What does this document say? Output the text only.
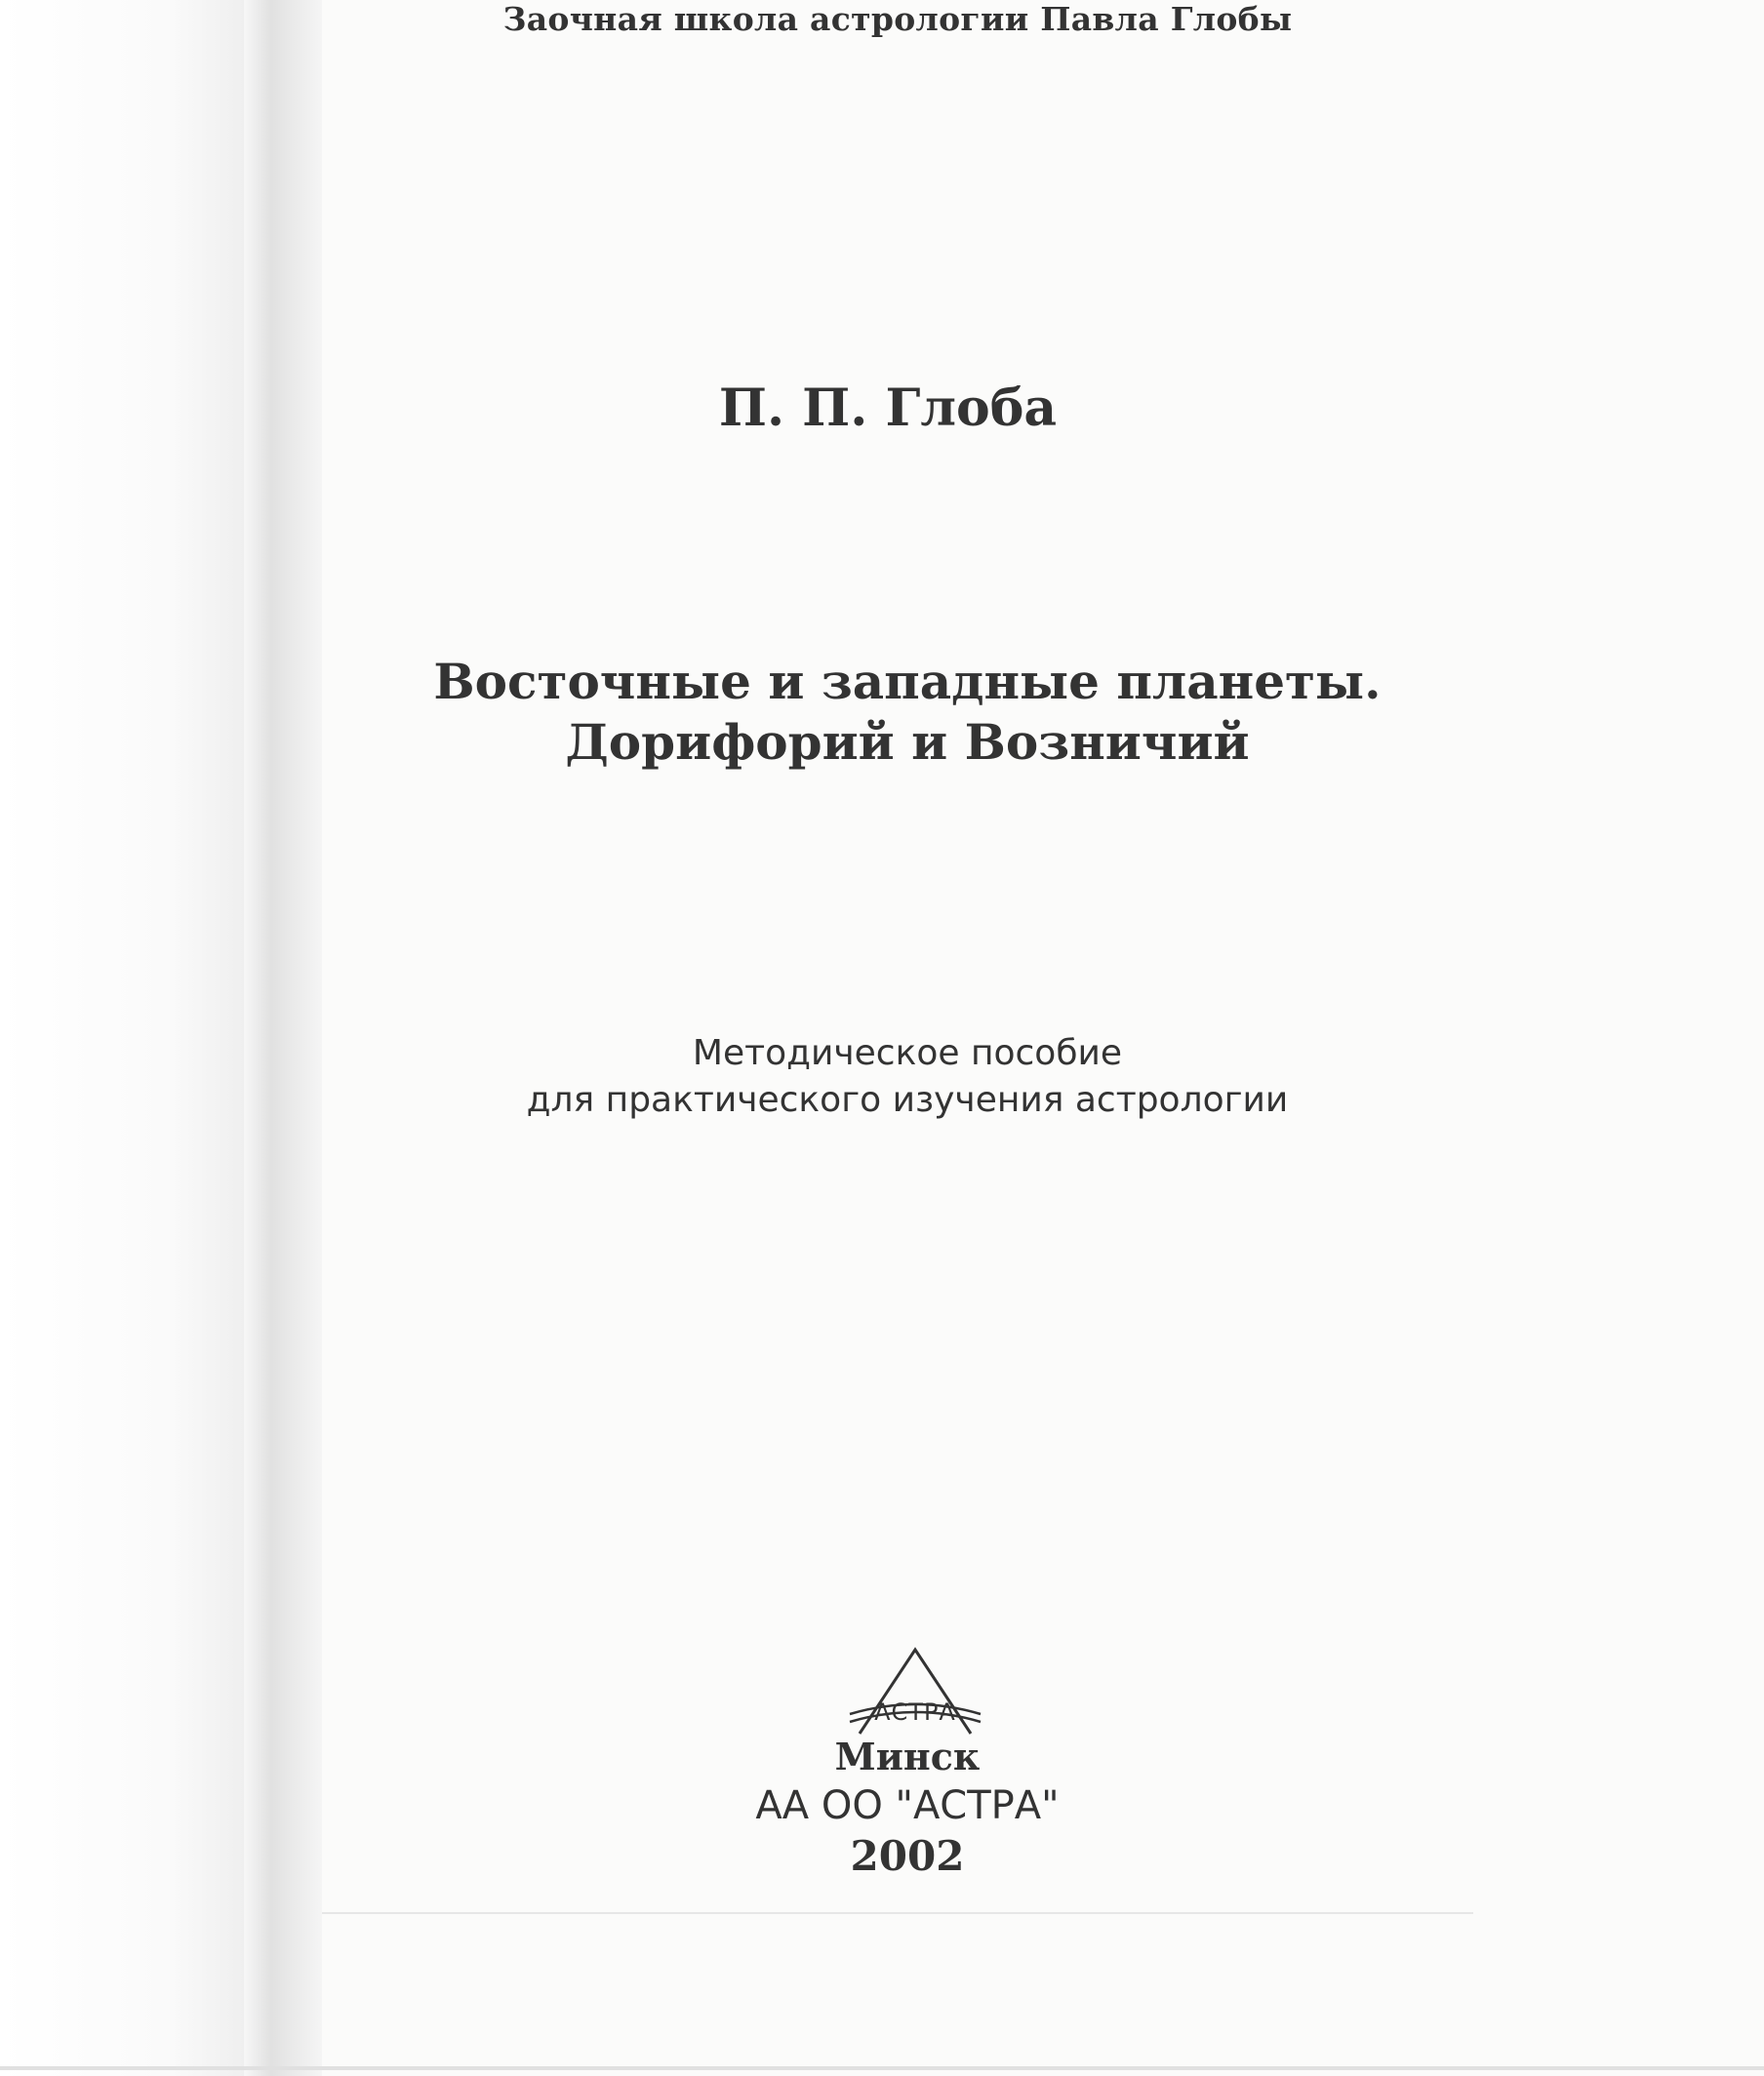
Заочная школа астрологии Павла Глобы

П. П. Глоба

Восточные и западные планеты.
Дорифорий и Возничий
Методическое пособие
для практического изучения астрологии
АСТРА

Минск

АА ОО "АСТРА"

2002
